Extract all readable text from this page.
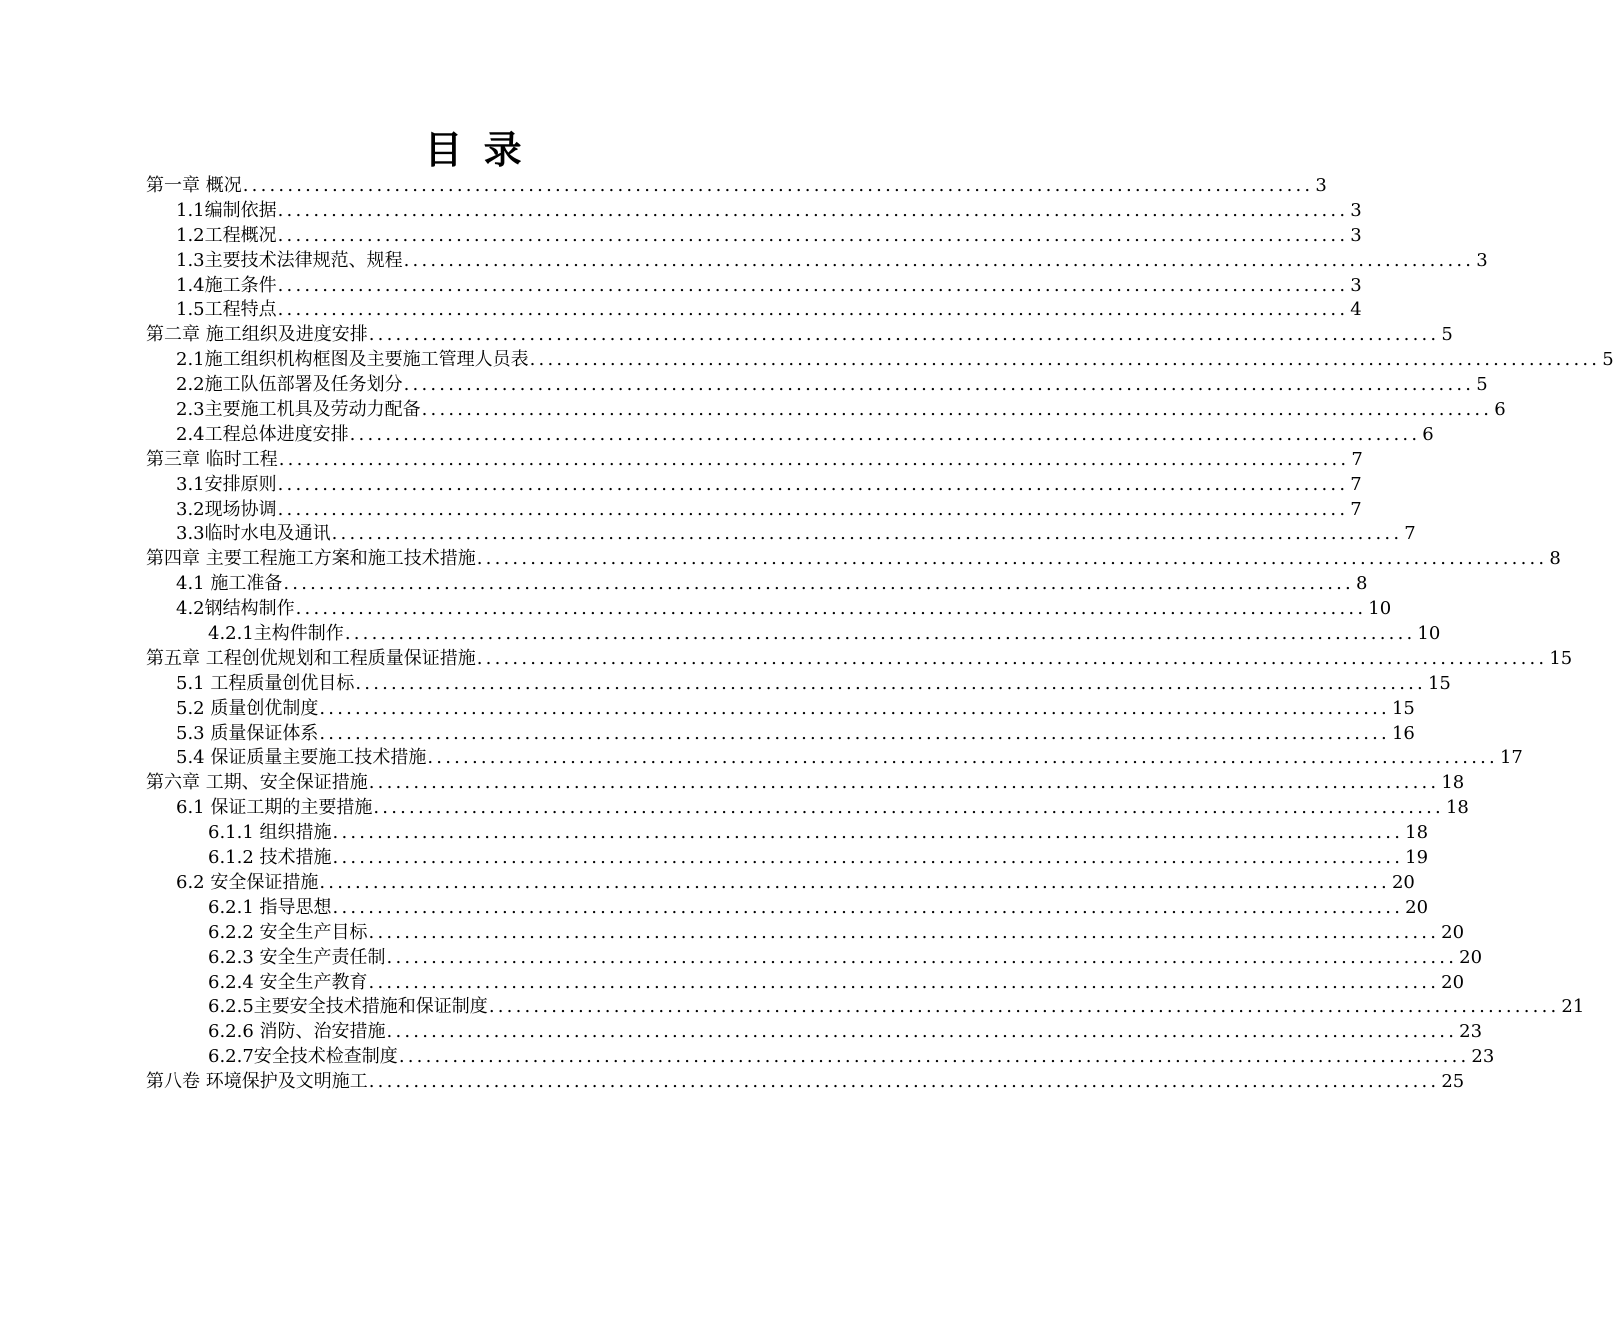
目 录
第一章 概况 ........................................................................................................................ 3
1.1编制依据 ........................................................................................................................ 3
1.2工程概况 ........................................................................................................................ 3
1.3主要技术法律规范、规程 ........................................................................................................................ 3
1.4施工条件 ........................................................................................................................ 3
1.5工程特点 ........................................................................................................................ 4
第二章 施工组织及进度安排 ........................................................................................................................ 5
2.1施工组织机构框图及主要施工管理人员表 ........................................................................................................................ 5
2.2施工队伍部署及任务划分 ........................................................................................................................ 5
2.3主要施工机具及劳动力配备 ........................................................................................................................ 6
2.4工程总体进度安排 ........................................................................................................................ 6
第三章 临时工程 ........................................................................................................................ 7
3.1安排原则 ........................................................................................................................ 7
3.2现场协调 ........................................................................................................................ 7
3.3临时水电及通讯 ........................................................................................................................ 7
第四章 主要工程施工方案和施工技术措施 ........................................................................................................................ 8
4.1 施工准备 ........................................................................................................................ 8
4.2钢结构制作 ........................................................................................................................ 10
4.2.1主构件制作 ........................................................................................................................ 10
第五章 工程创优规划和工程质量保证措施 ........................................................................................................................ 15
5.1 工程质量创优目标 ........................................................................................................................ 15
5.2 质量创优制度 ........................................................................................................................ 15
5.3 质量保证体系 ........................................................................................................................ 16
5.4 保证质量主要施工技术措施 ........................................................................................................................ 17
第六章 工期、安全保证措施 ........................................................................................................................ 18
6.1 保证工期的主要措施 ........................................................................................................................ 18
6.1.1 组织措施 ........................................................................................................................ 18
6.1.2 技术措施 ........................................................................................................................ 19
6.2 安全保证措施 ........................................................................................................................ 20
6.2.1 指导思想 ........................................................................................................................ 20
6.2.2 安全生产目标 ........................................................................................................................ 20
6.2.3 安全生产责任制 ........................................................................................................................ 20
6.2.4 安全生产教育 ........................................................................................................................ 20
6.2.5主要安全技术措施和保证制度 ........................................................................................................................ 21
6.2.6 消防、治安措施 ........................................................................................................................ 23
6.2.7安全技术检查制度 ........................................................................................................................ 23
第八卷 环境保护及文明施工 ........................................................................................................................ 25
